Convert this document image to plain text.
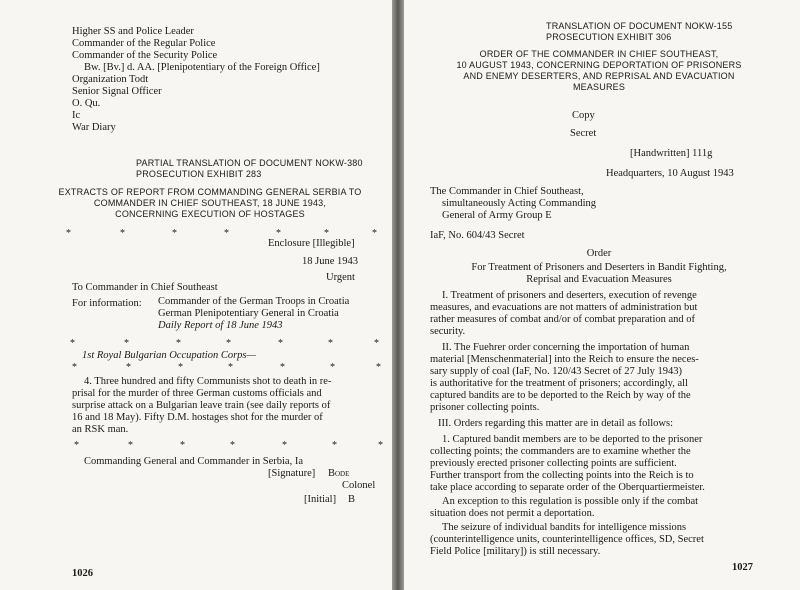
Higher SS and Police Leader
Commander of the Regular Police
Commander of the Security Police
Bw. [Bv.] d. AA. [Plenipotentiary of the Foreign Office]
Organization Todt
Senior Signal Officer
O. Qu.
Ic
War Diary
PARTIAL TRANSLATION OF DOCUMENT NOKW-380
PROSECUTION EXHIBIT 283
EXTRACTS OF REPORT FROM COMMANDING GENERAL SERBIA TO
COMMANDER IN CHIEF SOUTHEAST, 18 JUNE 1943,
CONCERNING EXECUTION OF HOSTAGES
*	*	*	*	*	*	*
Enclosure [Illegible]
18 June 1943
Urgent
To Commander in Chief Southeast
For information: Commander of the German Troops in Croatia
German Plenipotentiary General in Croatia
Daily Report of 18 June 1943
*	*	*	*	*	*	*
1st Royal Bulgarian Occupation Corps—
*	*	*	*	*	*	*
4. Three hundred and fifty Communists shot to death in re-
prisal for the murder of three German customs officials and
surprise attack on a Bulgarian leave train (see daily reports of
16 and 18 May). Fifty D.M. hostages shot for the murder of
an RSK man.
*	*	*	*	*	*	*
Commanding General and Commander in Serbia, Ia
[Signature] Bode
Colonel
[Initial] B
1026
TRANSLATION OF DOCUMENT NOKW-155
PROSECUTION EXHIBIT 306
ORDER OF THE COMMANDER IN CHIEF SOUTHEAST,
10 AUGUST 1943, CONCERNING DEPORTATION OF PRISONERS
AND ENEMY DESERTERS, AND REPRISAL AND EVACUATION
MEASURES
Copy
Secret
[Handwritten] 111g
Headquarters, 10 August 1943
The Commander in Chief Southeast,
simultaneously Acting Commanding
General of Army Group E
IaF, No. 604/43 Secret
Order
For Treatment of Prisoners and Deserters in Bandit Fighting,
Reprisal and Evacuation Measures
I. Treatment of prisoners and deserters, execution of revenge
measures, and evacuations are not matters of administration but
rather measures of combat and/or of combat preparation and of
security.
II. The Fuehrer order concerning the importation of human
material [Menschenmaterial] into the Reich to ensure the neces-
sary supply of coal (IaF, No. 120/43 Secret of 27 July 1943)
is authoritative for the treatment of prisoners; accordingly, all
captured bandits are to be deported to the Reich by way of the
prisoner collecting points.
III. Orders regarding this matter are in detail as follows:
1. Captured bandit members are to be deported to the prisoner
collecting points; the commanders are to examine whether the
previously erected prisoner collecting points are sufficient.
Further transport from the collecting points into the Reich is to
take place according to separate order of the Oberquartiermeister.
An exception to this regulation is possible only if the combat
situation does not permit a deportation.
The seizure of individual bandits for intelligence missions
(counterintelligence units, counterintelligence offices, SD, Secret
Field Police [military]) is still necessary.
1027
